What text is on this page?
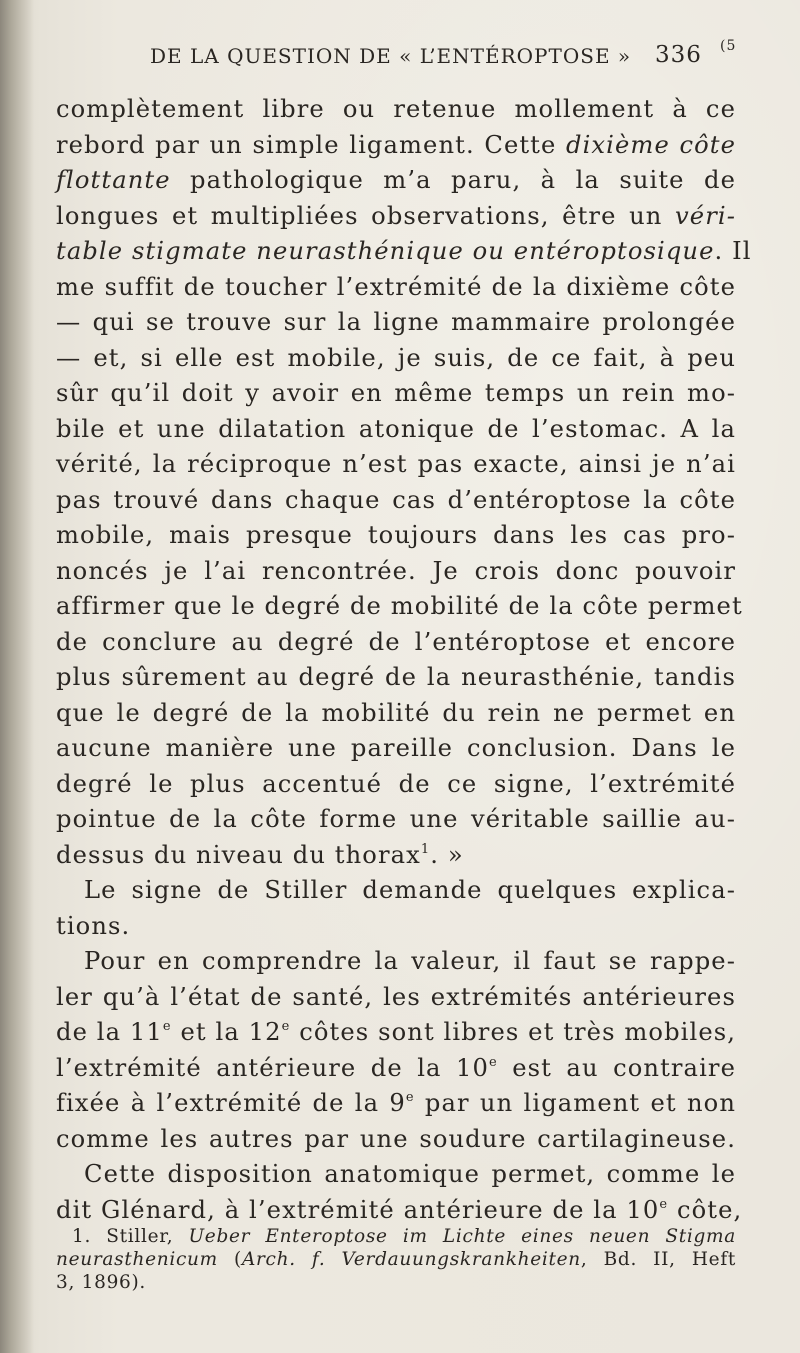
DE LA QUESTION DE « L’ENTÉROPTOSE » 336 (5
complètement libre ou retenue mollement à ce
rebord par un simple ligament. Cette dixième côte
flottante pathologique m’a paru, à la suite de
longues et multipliées observations, être un véri-
table stigmate neurasthénique ou entéroptosique. Il
me suffit de toucher l’extrémité de la dixième côte
— qui se trouve sur la ligne mammaire prolongée
— et, si elle est mobile, je suis, de ce fait, à peu
sûr qu’il doit y avoir en même temps un rein mo-
bile et une dilatation atonique de l’estomac. A la
vérité, la réciproque n’est pas exacte, ainsi je n’ai
pas trouvé dans chaque cas d’entéroptose la côte
mobile, mais presque toujours dans les cas pro-
noncés je l’ai rencontrée. Je crois donc pouvoir
affirmer que le degré de mobilité de la côte permet
de conclure au degré de l’entéroptose et encore
plus sûrement au degré de la neurasthénie, tandis
que le degré de la mobilité du rein ne permet en
aucune manière une pareille conclusion. Dans le
degré le plus accentué de ce signe, l’extrémité
pointue de la côte forme une véritable saillie au-
dessus du niveau du thorax$^1$. »
Le signe de Stiller demande quelques explica-
tions.
Pour en comprendre la valeur, il faut se rappe-
ler qu’à l’état de santé, les extrémités antérieures
de la 11e et la 12e côtes sont libres et très mobiles,
l’extrémité antérieure de la 10e est au contraire
fixée à l’extrémité de la 9e par un ligament et non
comme les autres par une soudure cartilagineuse.
Cette disposition anatomique permet, comme le
dit Glénard, à l’extrémité antérieure de la 10e côte,
1. Stiller, Ueber Enteroptose im Lichte eines neuen Stigma
neurasthenicum (Arch. f. Verdauungskrankheiten, Bd. II, Heft
3, 1896).
